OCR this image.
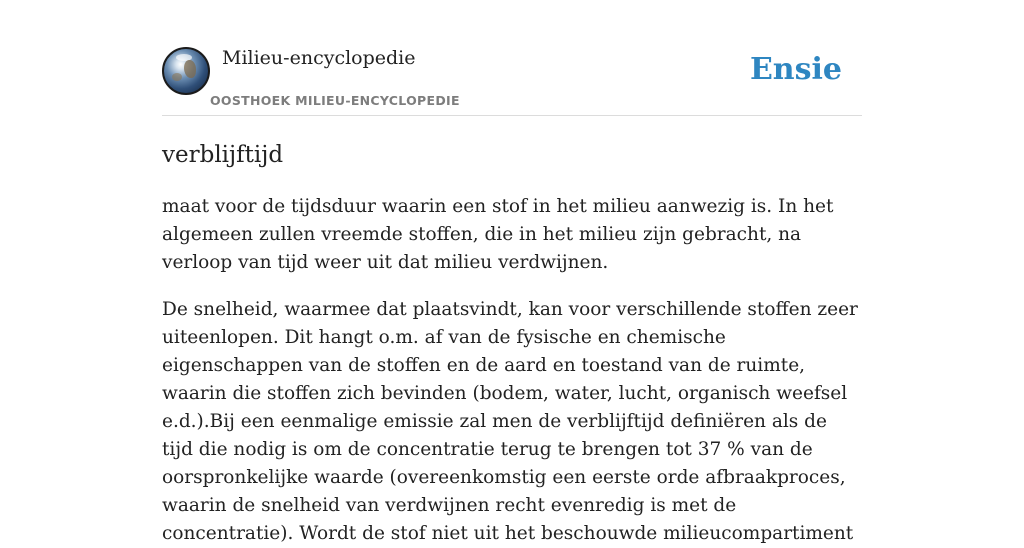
Milieu-encyclopedie
OOSTHOEK MILIEU-ENCYCLOPEDIE
Ensie
verblijftijd

maat voor de tijdsduur waarin een stof in het milieu aanwezig is. In het algemeen zullen vreemde stoffen, die in het milieu zijn gebracht, na verloop van tijd weer uit dat milieu verdwijnen.

De snelheid, waarmee dat plaatsvindt, kan voor verschillende stoffen zeer uiteenlopen. Dit hangt o.m. af van de fysische en chemische eigenschappen van de stoffen en de aard en toestand van de ruimte, waarin die stoffen zich bevinden (bodem, water, lucht, organisch weefsel e.d.).Bij een eenmalige emissie zal men de verblijftijd definiëren als de tijd die nodig is om de concentratie terug te brengen tot 37 % van de oorspronkelijke waarde (overeenkomstig een eerste orde afbraakproces, waarin de snelheid van verdwijnen recht evenredig is met de concentratie). Wordt de stof niet uit het beschouwde milieucompartiment
